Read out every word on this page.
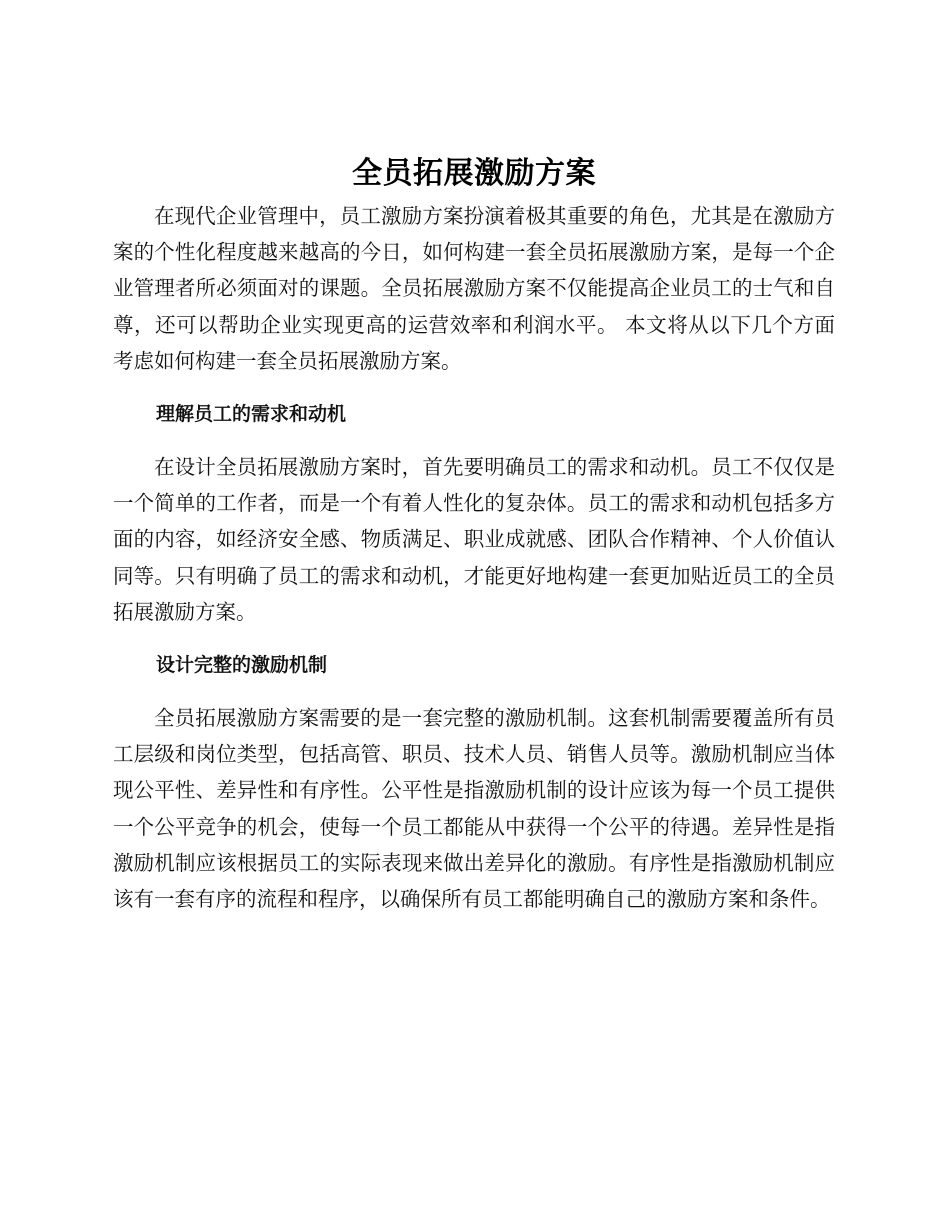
全员拓展激励方案

在现代企业管理中，员工激励方案扮演着极其重要的角色，尤其是在激励方案的个性化程度越来越高的今日，如何构建一套全员拓展激励方案，是每一个企业管理者所必须面对的课题。全员拓展激励方案不仅能提高企业员工的士气和自尊，还可以帮助企业实现更高的运营效率和利润水平。 本文将从以下几个方面考虑如何构建一套全员拓展激励方案。

理解员工的需求和动机

在设计全员拓展激励方案时，首先要明确员工的需求和动机。员工不仅仅是一个简单的工作者，而是一个有着人性化的复杂体。员工的需求和动机包括多方面的内容，如经济安全感、物质满足、职业成就感、团队合作精神、个人价值认同等。只有明确了员工的需求和动机，才能更好地构建一套更加贴近员工的全员拓展激励方案。

设计完整的激励机制

全员拓展激励方案需要的是一套完整的激励机制。这套机制需要覆盖所有员工层级和岗位类型，包括高管、职员、技术人员、销售人员等。激励机制应当体现公平性、差异性和有序性。公平性是指激励机制的设计应该为每一个员工提供一个公平竞争的机会，使每一个员工都能从中获得一个公平的待遇。差异性是指激励机制应该根据员工的实际表现来做出差异化的激励。有序性是指激励机制应该有一套有序的流程和程序，以确保所有员工都能明确自己的激励方案和条件。
